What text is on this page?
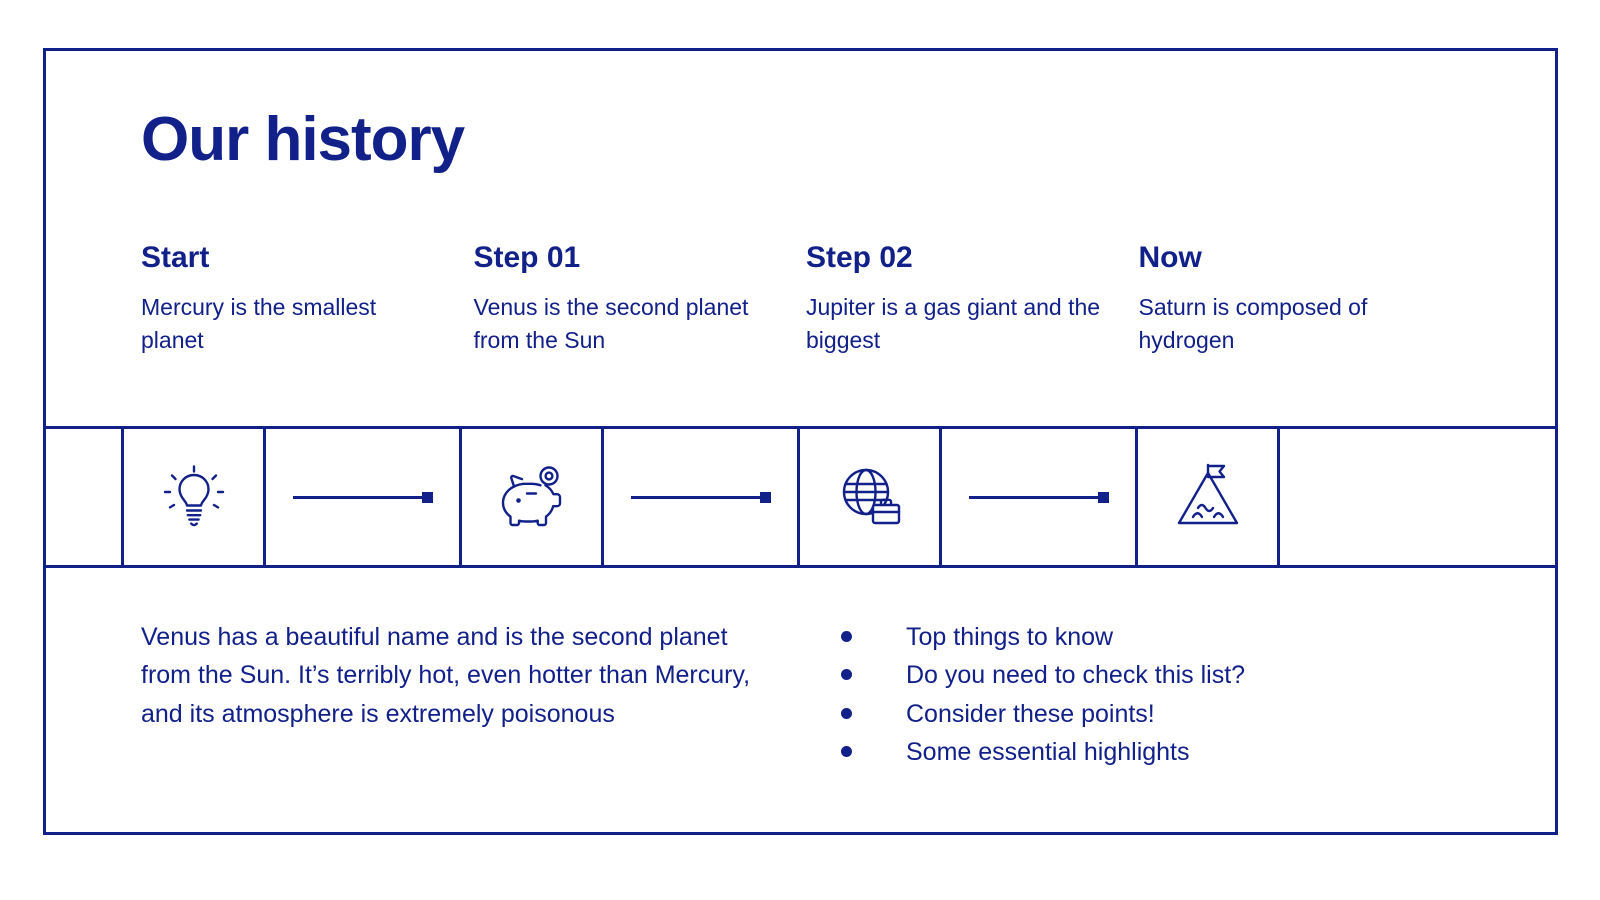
Our history
Start
Mercury is the smallest planet
Step 01
Venus is the second planet from the Sun
Step 02
Jupiter is a gas giant and the biggest
Now
Saturn is composed of hydrogen
Venus has a beautiful name and is the second planet from the Sun. It’s terribly hot, even hotter than Mercury, and its atmosphere is extremely poisonous
Top things to know
Do you need to check this list?
Consider these points!
Some essential highlights
